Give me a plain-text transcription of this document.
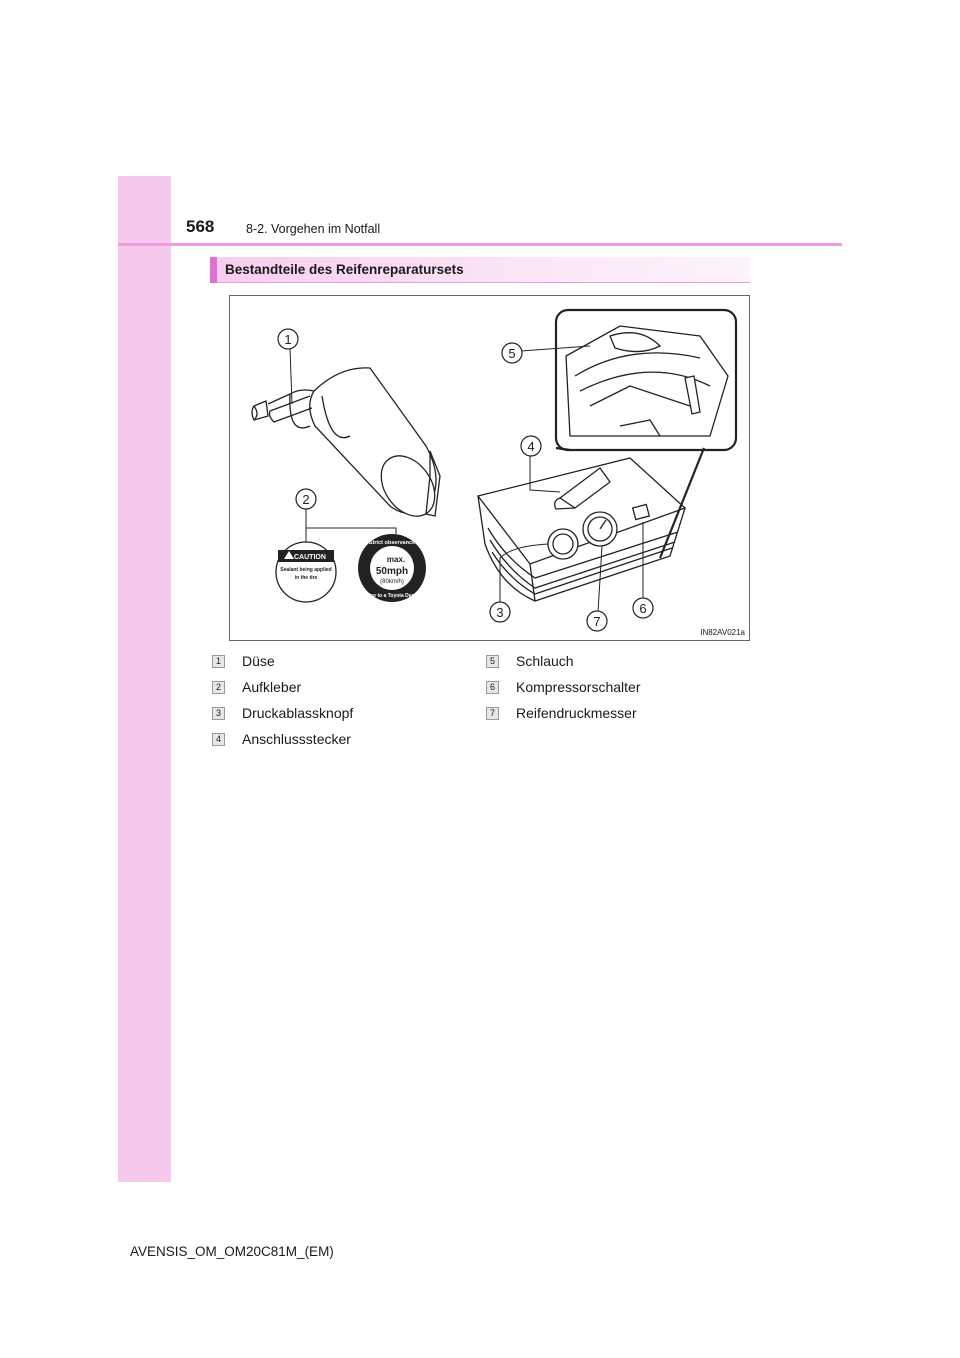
568	8-2. Vorgehen im Notfall
Bestandteile des Reifenreparatursets
CAUTION
Sealant being applied
in the tire
max.
50mph
(80km/h)
Strict observance
Drive to a Toyota Dealer
1
2
3
4
5
6
7
IN82AV021a
1 Düse
2 Aufkleber
3 Druckablassknopf
4 Anschlussstecker
5 Schlauch
6 Kompressorschalter
7 Reifendruckmesser
AVENSIS_OM_OM20C81M_(EM)
